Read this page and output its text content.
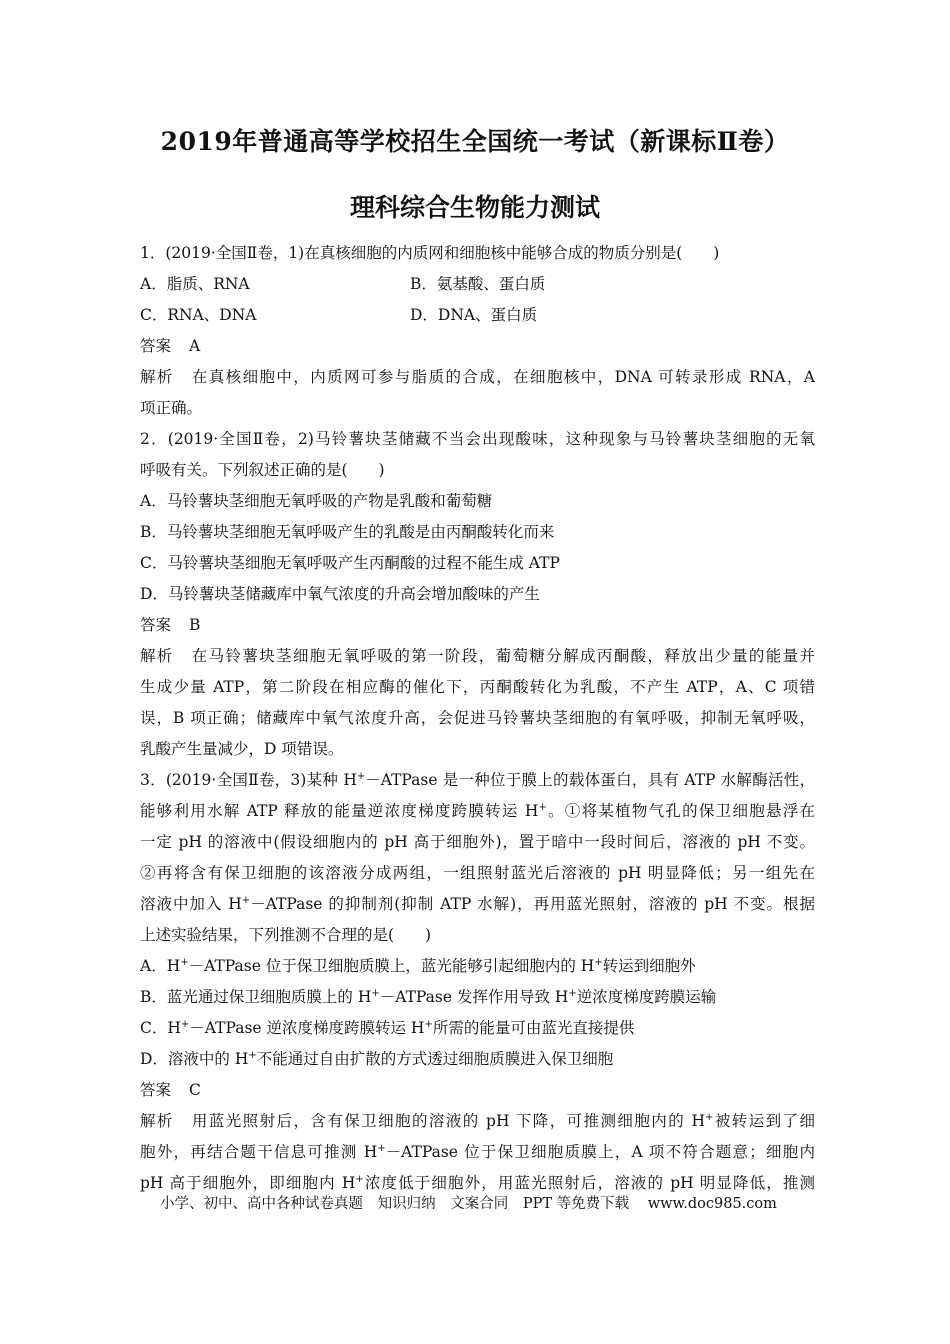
2019年普通高等学校招生全国统一考试（新课标Ⅱ卷）
理科综合生物能力测试
1．(2019·全国Ⅱ卷，1)在真核细胞的内质网和细胞核中能够合成的物质分别是(　　)
A．脂质、RNA	B．氨基酸、蛋白质
C．RNA、DNA	D．DNA、蛋白质
答案 A
解析 在真核细胞中，内质网可参与脂质的合成，在细胞核中，DNA 可转录形成 RNA，A
项正确。
2．(2019·全国Ⅱ卷，2)马铃薯块茎储藏不当会出现酸味，这种现象与马铃薯块茎细胞的无氧
呼吸有关。下列叙述正确的是(　　)
A．马铃薯块茎细胞无氧呼吸的产物是乳酸和葡萄糖
B．马铃薯块茎细胞无氧呼吸产生的乳酸是由丙酮酸转化而来
C．马铃薯块茎细胞无氧呼吸产生丙酮酸的过程不能生成 ATP
D．马铃薯块茎储藏库中氧气浓度的升高会增加酸味的产生
答案 B
解析 在马铃薯块茎细胞无氧呼吸的第一阶段，葡萄糖分解成丙酮酸，释放出少量的能量并
生成少量 ATP，第二阶段在相应酶的催化下，丙酮酸转化为乳酸，不产生 ATP，A、C 项错
误，B 项正确；储藏库中氧气浓度升高，会促进马铃薯块茎细胞的有氧呼吸，抑制无氧呼吸，
乳酸产生量减少，D 项错误。
3．(2019·全国Ⅱ卷，3)某种 H+－ATPase 是一种位于膜上的载体蛋白，具有 ATP 水解酶活性，
能够利用水解 ATP 释放的能量逆浓度梯度跨膜转运 H+。①将某植物气孔的保卫细胞悬浮在
一定 pH 的溶液中(假设细胞内的 pH 高于细胞外)，置于暗中一段时间后，溶液的 pH 不变。
②再将含有保卫细胞的该溶液分成两组，一组照射蓝光后溶液的 pH 明显降低；另一组先在
溶液中加入 H+－ATPase 的抑制剂(抑制 ATP 水解)，再用蓝光照射，溶液的 pH 不变。根据
上述实验结果，下列推测不合理的是(　　)
A．H+－ATPase 位于保卫细胞质膜上，蓝光能够引起细胞内的 H+转运到细胞外
B．蓝光通过保卫细胞质膜上的 H+－ATPase 发挥作用导致 H+逆浓度梯度跨膜运输
C．H+－ATPase 逆浓度梯度跨膜转运 H+所需的能量可由蓝光直接提供
D．溶液中的 H+不能通过自由扩散的方式透过细胞质膜进入保卫细胞
答案 C
解析 用蓝光照射后，含有保卫细胞的溶液的 pH 下降，可推测细胞内的 H+被转运到了细
胞外，再结合题干信息可推测 H+－ATPase 位于保卫细胞质膜上，A 项不符合题意；细胞内
pH 高于细胞外，即细胞内 H+浓度低于细胞外，用蓝光照射后，溶液的 pH 明显降低，推测
小学、初中、高中各种试卷真题 知识归纳 文案合同 PPT 等免费下载 www.doc985.com
